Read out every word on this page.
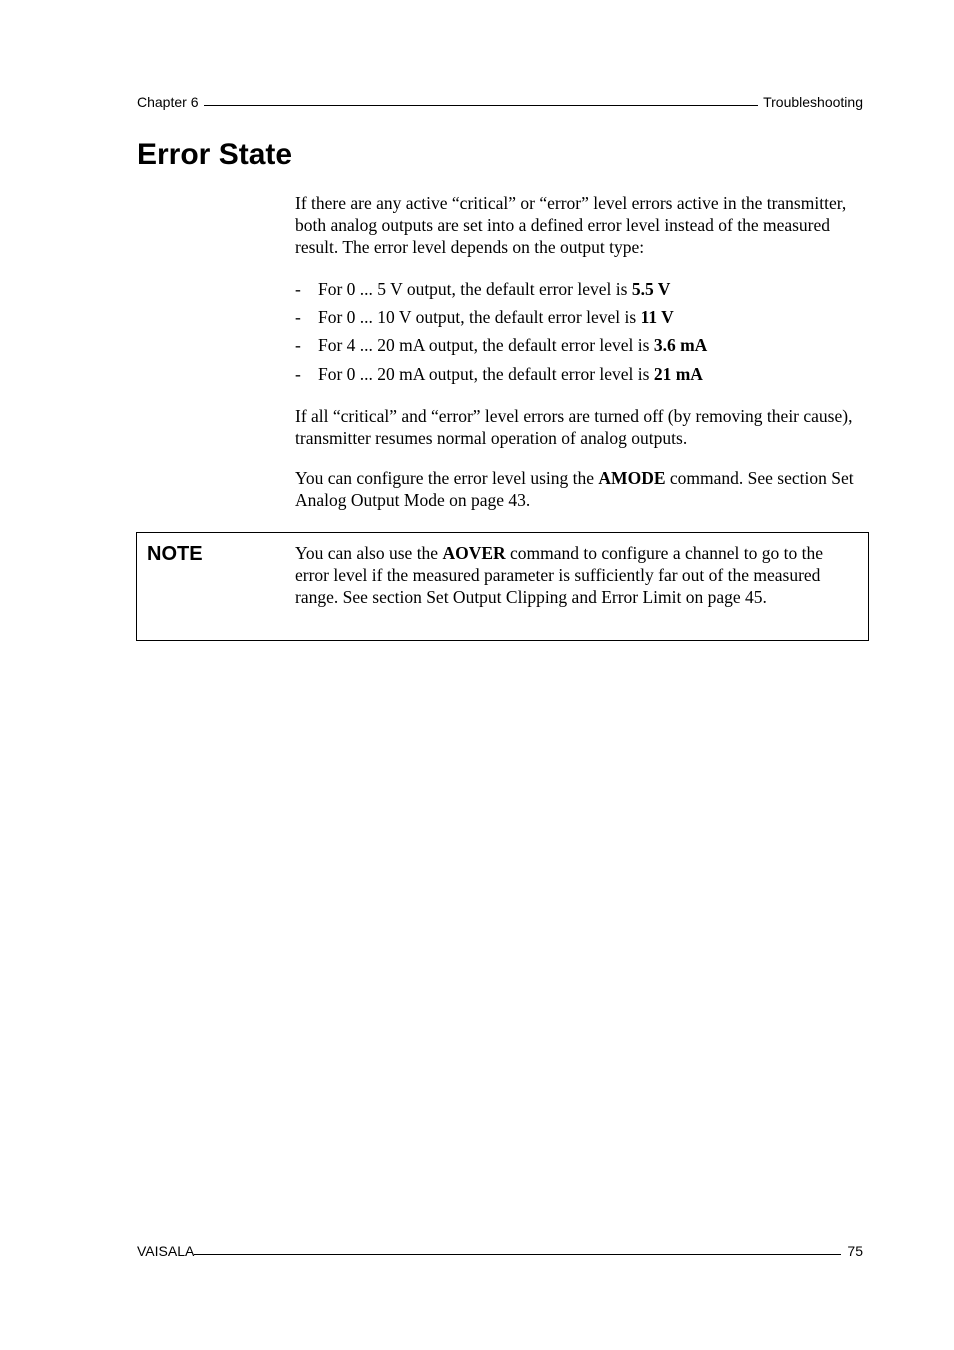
Chapter 6	Troubleshooting
Error State

If there are any active “critical” or “error” level errors active in the transmitter, both analog outputs are set into a defined error level instead of the measured result. The error level depends on the output type:

- For 0 ... 5 V output, the default error level is 5.5 V
- For 0 ... 10 V output, the default error level is 11 V
- For 4 ... 20 mA output, the default error level is 3.6 mA
- For 0 ... 20 mA output, the default error level is 21 mA

If all “critical” and “error” level errors are turned off (by removing their cause), transmitter resumes normal operation of analog outputs.

You can configure the error level using the AMODE command. See section Set Analog Output Mode on page 43.

NOTE	You can also use the AOVER command to configure a channel to go to the error level if the measured parameter is sufficiently far out of the measured range. See section Set Output Clipping and Error Limit on page 45.
VAISALA	75
